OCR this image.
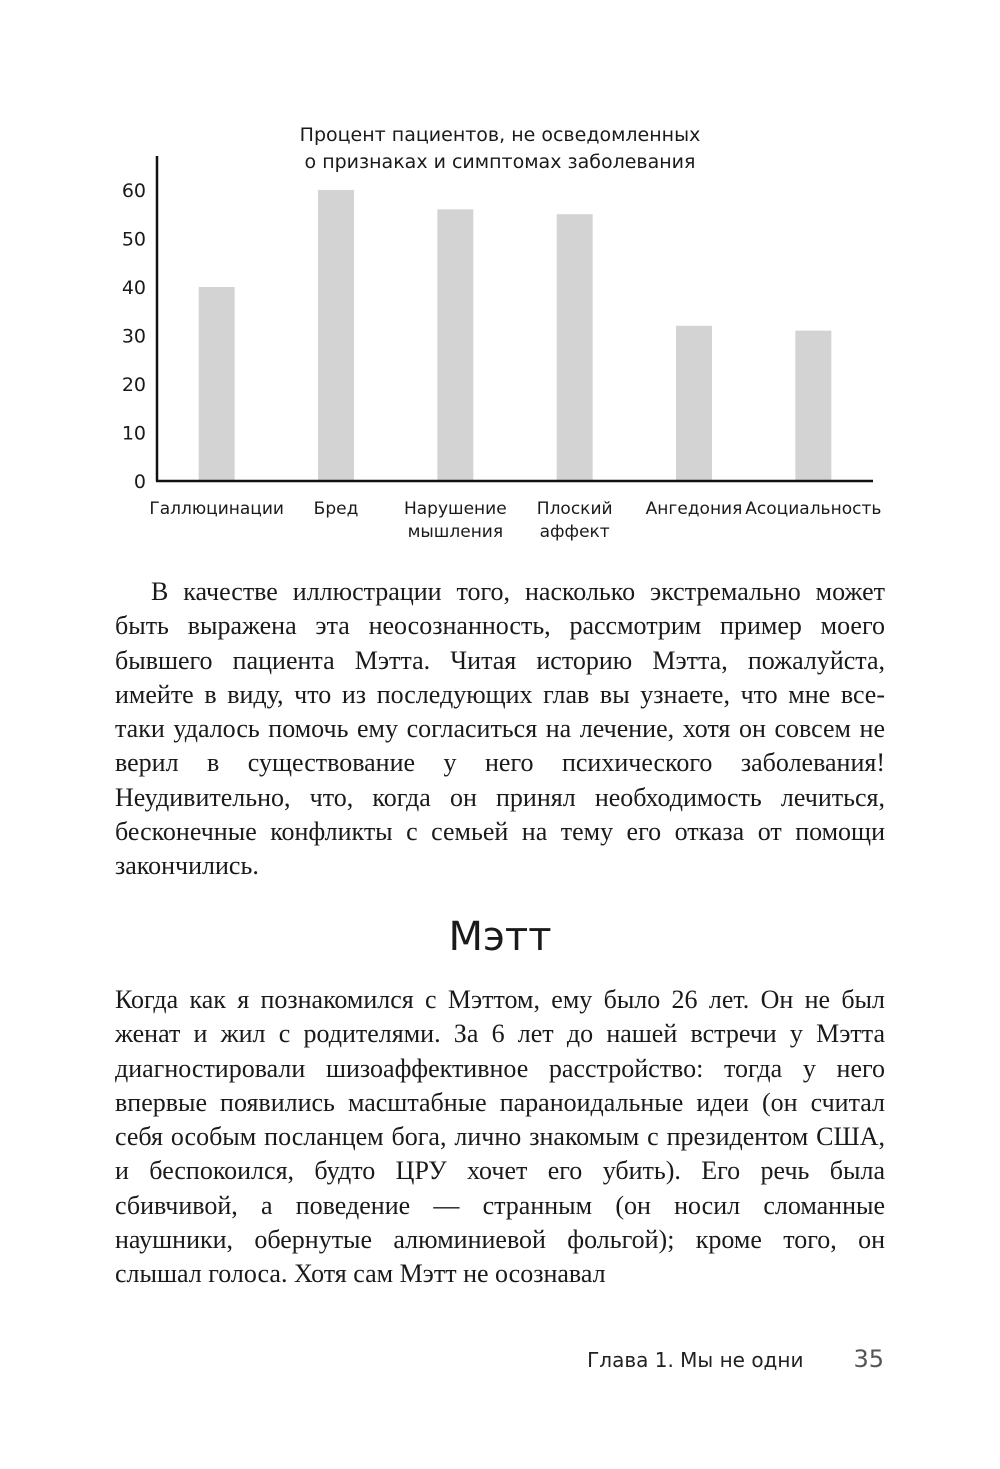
Процент пациентов, не осведомленных
о признаках и симптомах заболевания
0
10
20
30
40
50
60
Галлюцинации Бред	Нарушение
мышления
Плоский
аффект
Ангедония Асоциальность

В качестве иллюстрации того, насколько экстремально может быть выражена эта неосознанность, рассмотрим пример моего бывшего пациента Мэтта. Читая историю Мэтта, пожалуйста, имейте в виду, что из последующих глав вы узнаете, что мне все-таки удалось помочь ему согласиться на лечение, хотя он совсем не верил в существование у него психического заболевания! Неудивительно, что, когда он принял необходимость лечиться, бесконечные конфликты с семьей на тему его отказа от помощи закончились.

Мэтт

Когда как я познакомился с Мэттом, ему было 26 лет. Он не был женат и жил с родителями. За 6 лет до нашей встречи у Мэтта диагностировали шизоаффективное расстройство: тогда у него впервые появились масштабные параноидальные идеи (он считал себя особым посланцем бога, лично знакомым с президентом США, и беспокоился, будто ЦРУ хочет его убить). Его речь была сбивчивой, а поведение — странным (он носил сломанные наушники, обернутые алюминиевой фольгой); кроме того, он слышал голоса. Хотя сам Мэтт не осознавал

Глава 1. Мы не одни 35
